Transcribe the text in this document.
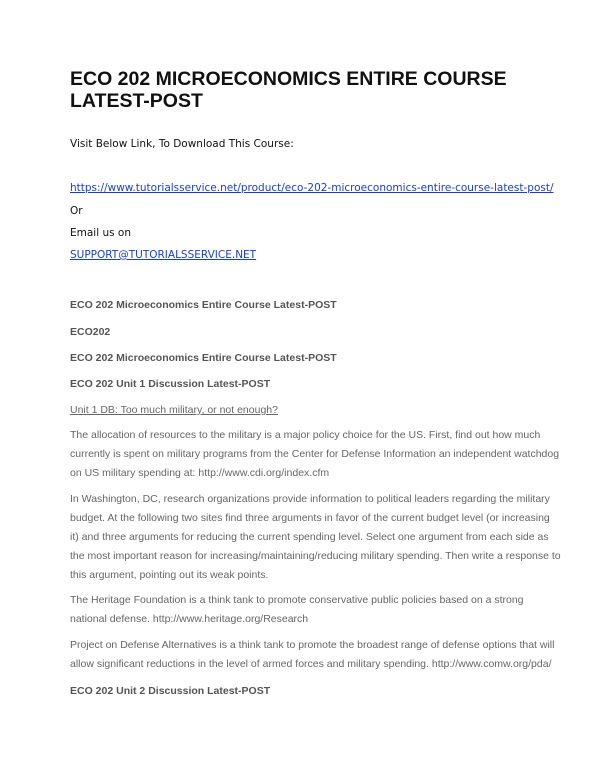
ECO 202 MICROECONOMICS ENTIRE COURSE LATEST-POST
Visit Below Link, To Download This Course:
https://www.tutorialsservice.net/product/eco-202-microeconomics-entire-course-latest-post/
Or
Email us on
SUPPORT@TUTORIALSSERVICE.NET
ECO 202 Microeconomics Entire Course Latest-POST
ECO202
ECO 202 Microeconomics Entire Course Latest-POST
ECO 202 Unit 1 Discussion Latest-POST
Unit 1 DB: Too much military, or not enough?
The allocation of resources to the military is a major policy choice for the US. First, find out how much
currently is spent on military programs from the Center for Defense Information an independent watchdog
on US military spending at: http://www.cdi.org/index.cfm
In Washington, DC, research organizations provide information to political leaders regarding the military
budget. At the following two sites find three arguments in favor of the current budget level (or increasing
it) and three arguments for reducing the current spending level. Select one argument from each side as
the most important reason for increasing/maintaining/reducing military spending. Then write a response to
this argument, pointing out its weak points.
The Heritage Foundation is a think tank to promote conservative public policies based on a strong
national defense. http://www.heritage.org/Research
Project on Defense Alternatives is a think tank to promote the broadest range of defense options that will
allow significant reductions in the level of armed forces and military spending. http://www.comw.org/pda/
ECO 202 Unit 2 Discussion Latest-POST
